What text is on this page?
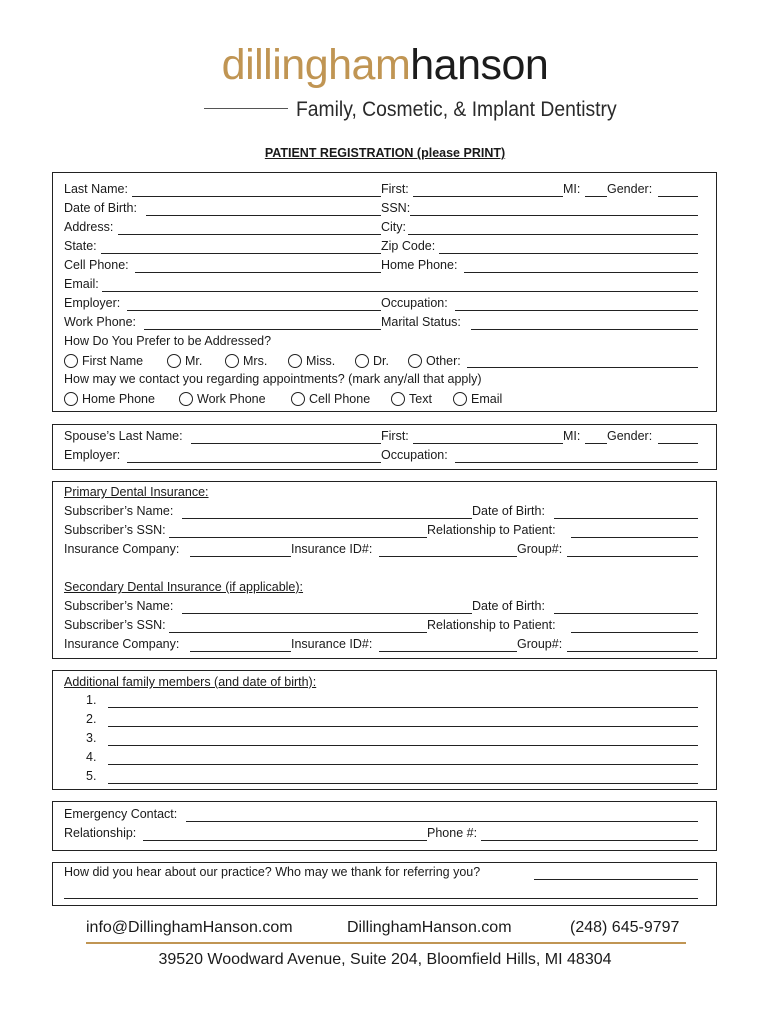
dillinghamhanson
Family, Cosmetic, & Implant Dentistry
PATIENT REGISTRATION (please PRINT)
Last Name:	First:	MI: Gender:
Date of Birth:	SSN:
Address:	City:
State:	Zip Code:
Cell Phone:	Home Phone:
Email:
Employer:	Occupation:
Work Phone:	Marital Status:
How Do You Prefer to be Addressed?
First Name	Mr.	Mrs.	Miss.	Dr.	Other:
How may we contact you regarding appointments? (mark any/all that apply)
Home Phone	Work Phone	Cell Phone	Text	Email
Spouse’s Last Name:	First:	MI: Gender:
Employer:	Occupation:
Primary Dental Insurance:
Subscriber’s Name:	Date of Birth:
Subscriber’s SSN:	Relationship to Patient:
Insurance Company:	Insurance ID#:	Group#:
Secondary Dental Insurance (if applicable):
Subscriber’s Name:	Date of Birth:
Subscriber’s SSN:	Relationship to Patient:
Insurance Company:	Insurance ID#:	Group#:
Additional family members (and date of birth):
1.
2.
3.
4.
5.
Emergency Contact:
Relationship:	Phone #:
How did you hear about our practice? Who may we thank for referring you?
info@DillinghamHanson.com	DillinghamHanson.com	(248) 645-9797
39520 Woodward Avenue, Suite 204, Bloomfield Hills, MI 48304
